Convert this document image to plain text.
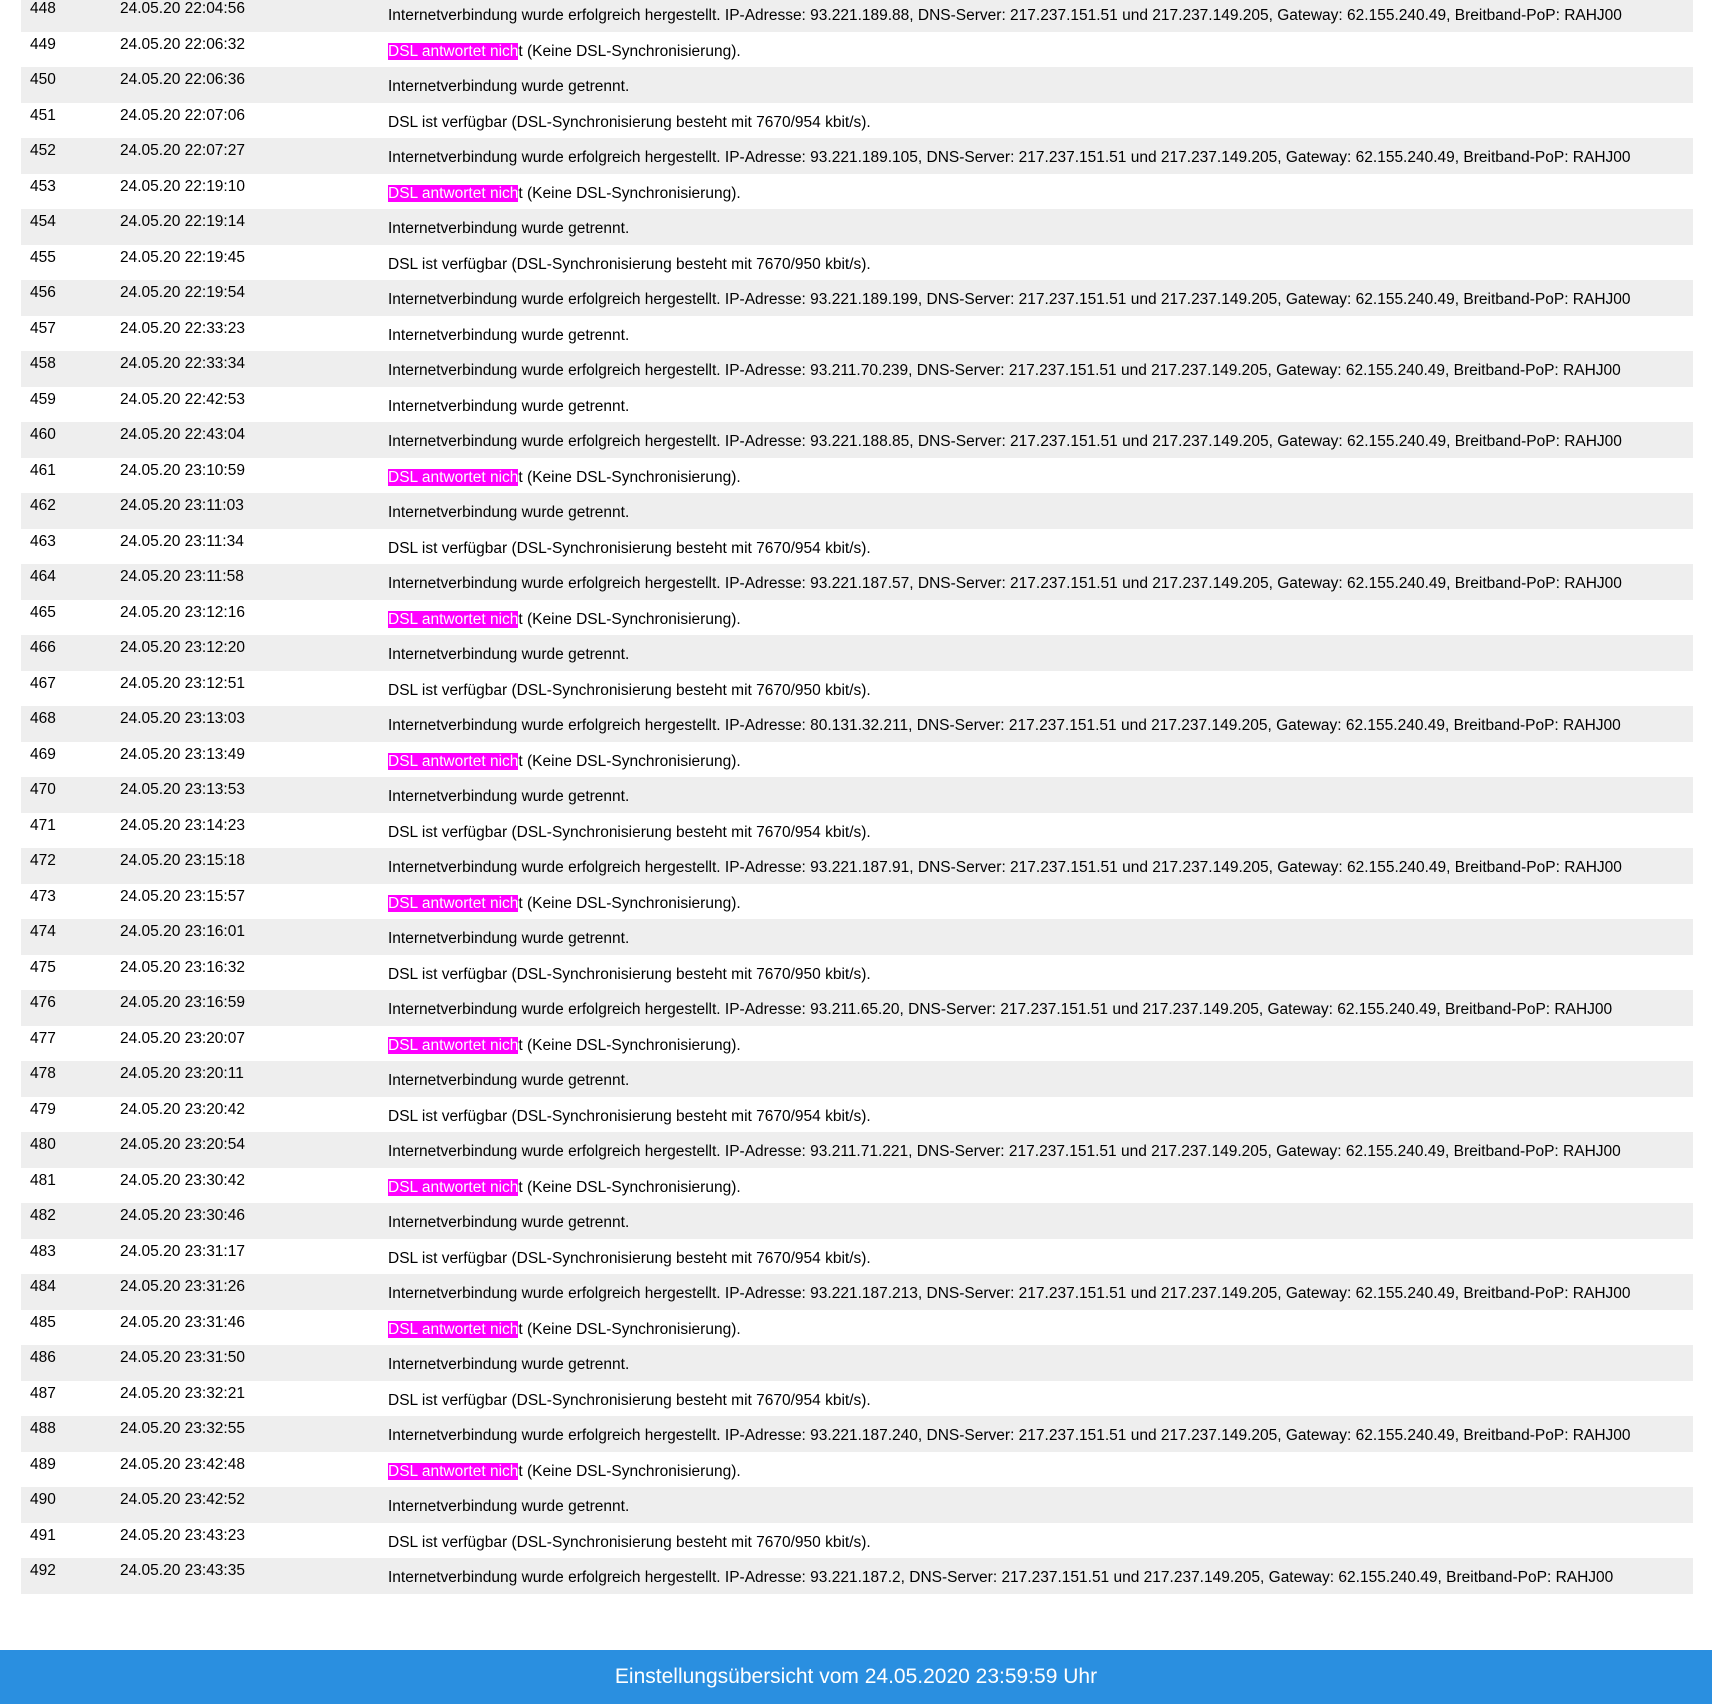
448	24.05.20 22:04:56	Internetverbindung wurde erfolgreich hergestellt. IP-Adresse: 93.221.189.88, DNS-Server: 217.237.151.51 und 217.237.149.205, Gateway: 62.155.240.49, Breitband-PoP: RAHJ00
449	24.05.20 22:06:32	DSL antwortet nicht (Keine DSL-Synchronisierung).
450	24.05.20 22:06:36	Internetverbindung wurde getrennt.
451	24.05.20 22:07:06	DSL ist verfügbar (DSL-Synchronisierung besteht mit 7670/954 kbit/s).
452	24.05.20 22:07:27	Internetverbindung wurde erfolgreich hergestellt. IP-Adresse: 93.221.189.105, DNS-Server: 217.237.151.51 und 217.237.149.205, Gateway: 62.155.240.49, Breitband-PoP: RAHJ00
453	24.05.20 22:19:10	DSL antwortet nicht (Keine DSL-Synchronisierung).
454	24.05.20 22:19:14	Internetverbindung wurde getrennt.
455	24.05.20 22:19:45	DSL ist verfügbar (DSL-Synchronisierung besteht mit 7670/950 kbit/s).
456	24.05.20 22:19:54	Internetverbindung wurde erfolgreich hergestellt. IP-Adresse: 93.221.189.199, DNS-Server: 217.237.151.51 und 217.237.149.205, Gateway: 62.155.240.49, Breitband-PoP: RAHJ00
457	24.05.20 22:33:23	Internetverbindung wurde getrennt.
458	24.05.20 22:33:34	Internetverbindung wurde erfolgreich hergestellt. IP-Adresse: 93.211.70.239, DNS-Server: 217.237.151.51 und 217.237.149.205, Gateway: 62.155.240.49, Breitband-PoP: RAHJ00
459	24.05.20 22:42:53	Internetverbindung wurde getrennt.
460	24.05.20 22:43:04	Internetverbindung wurde erfolgreich hergestellt. IP-Adresse: 93.221.188.85, DNS-Server: 217.237.151.51 und 217.237.149.205, Gateway: 62.155.240.49, Breitband-PoP: RAHJ00
461	24.05.20 23:10:59	DSL antwortet nicht (Keine DSL-Synchronisierung).
462	24.05.20 23:11:03	Internetverbindung wurde getrennt.
463	24.05.20 23:11:34	DSL ist verfügbar (DSL-Synchronisierung besteht mit 7670/954 kbit/s).
464	24.05.20 23:11:58	Internetverbindung wurde erfolgreich hergestellt. IP-Adresse: 93.221.187.57, DNS-Server: 217.237.151.51 und 217.237.149.205, Gateway: 62.155.240.49, Breitband-PoP: RAHJ00
465	24.05.20 23:12:16	DSL antwortet nicht (Keine DSL-Synchronisierung).
466	24.05.20 23:12:20	Internetverbindung wurde getrennt.
467	24.05.20 23:12:51	DSL ist verfügbar (DSL-Synchronisierung besteht mit 7670/950 kbit/s).
468	24.05.20 23:13:03	Internetverbindung wurde erfolgreich hergestellt. IP-Adresse: 80.131.32.211, DNS-Server: 217.237.151.51 und 217.237.149.205, Gateway: 62.155.240.49, Breitband-PoP: RAHJ00
469	24.05.20 23:13:49	DSL antwortet nicht (Keine DSL-Synchronisierung).
470	24.05.20 23:13:53	Internetverbindung wurde getrennt.
471	24.05.20 23:14:23	DSL ist verfügbar (DSL-Synchronisierung besteht mit 7670/954 kbit/s).
472	24.05.20 23:15:18	Internetverbindung wurde erfolgreich hergestellt. IP-Adresse: 93.221.187.91, DNS-Server: 217.237.151.51 und 217.237.149.205, Gateway: 62.155.240.49, Breitband-PoP: RAHJ00
473	24.05.20 23:15:57	DSL antwortet nicht (Keine DSL-Synchronisierung).
474	24.05.20 23:16:01	Internetverbindung wurde getrennt.
475	24.05.20 23:16:32	DSL ist verfügbar (DSL-Synchronisierung besteht mit 7670/950 kbit/s).
476	24.05.20 23:16:59	Internetverbindung wurde erfolgreich hergestellt. IP-Adresse: 93.211.65.20, DNS-Server: 217.237.151.51 und 217.237.149.205, Gateway: 62.155.240.49, Breitband-PoP: RAHJ00
477	24.05.20 23:20:07	DSL antwortet nicht (Keine DSL-Synchronisierung).
478	24.05.20 23:20:11	Internetverbindung wurde getrennt.
479	24.05.20 23:20:42	DSL ist verfügbar (DSL-Synchronisierung besteht mit 7670/954 kbit/s).
480	24.05.20 23:20:54	Internetverbindung wurde erfolgreich hergestellt. IP-Adresse: 93.211.71.221, DNS-Server: 217.237.151.51 und 217.237.149.205, Gateway: 62.155.240.49, Breitband-PoP: RAHJ00
481	24.05.20 23:30:42	DSL antwortet nicht (Keine DSL-Synchronisierung).
482	24.05.20 23:30:46	Internetverbindung wurde getrennt.
483	24.05.20 23:31:17	DSL ist verfügbar (DSL-Synchronisierung besteht mit 7670/954 kbit/s).
484	24.05.20 23:31:26	Internetverbindung wurde erfolgreich hergestellt. IP-Adresse: 93.221.187.213, DNS-Server: 217.237.151.51 und 217.237.149.205, Gateway: 62.155.240.49, Breitband-PoP: RAHJ00
485	24.05.20 23:31:46	DSL antwortet nicht (Keine DSL-Synchronisierung).
486	24.05.20 23:31:50	Internetverbindung wurde getrennt.
487	24.05.20 23:32:21	DSL ist verfügbar (DSL-Synchronisierung besteht mit 7670/954 kbit/s).
488	24.05.20 23:32:55	Internetverbindung wurde erfolgreich hergestellt. IP-Adresse: 93.221.187.240, DNS-Server: 217.237.151.51 und 217.237.149.205, Gateway: 62.155.240.49, Breitband-PoP: RAHJ00
489	24.05.20 23:42:48	DSL antwortet nicht (Keine DSL-Synchronisierung).
490	24.05.20 23:42:52	Internetverbindung wurde getrennt.
491	24.05.20 23:43:23	DSL ist verfügbar (DSL-Synchronisierung besteht mit 7670/950 kbit/s).
492	24.05.20 23:43:35	Internetverbindung wurde erfolgreich hergestellt. IP-Adresse: 93.221.187.2, DNS-Server: 217.237.151.51 und 217.237.149.205, Gateway: 62.155.240.49, Breitband-PoP: RAHJ00
Einstellungsübersicht vom 24.05.2020 23:59:59 Uhr
